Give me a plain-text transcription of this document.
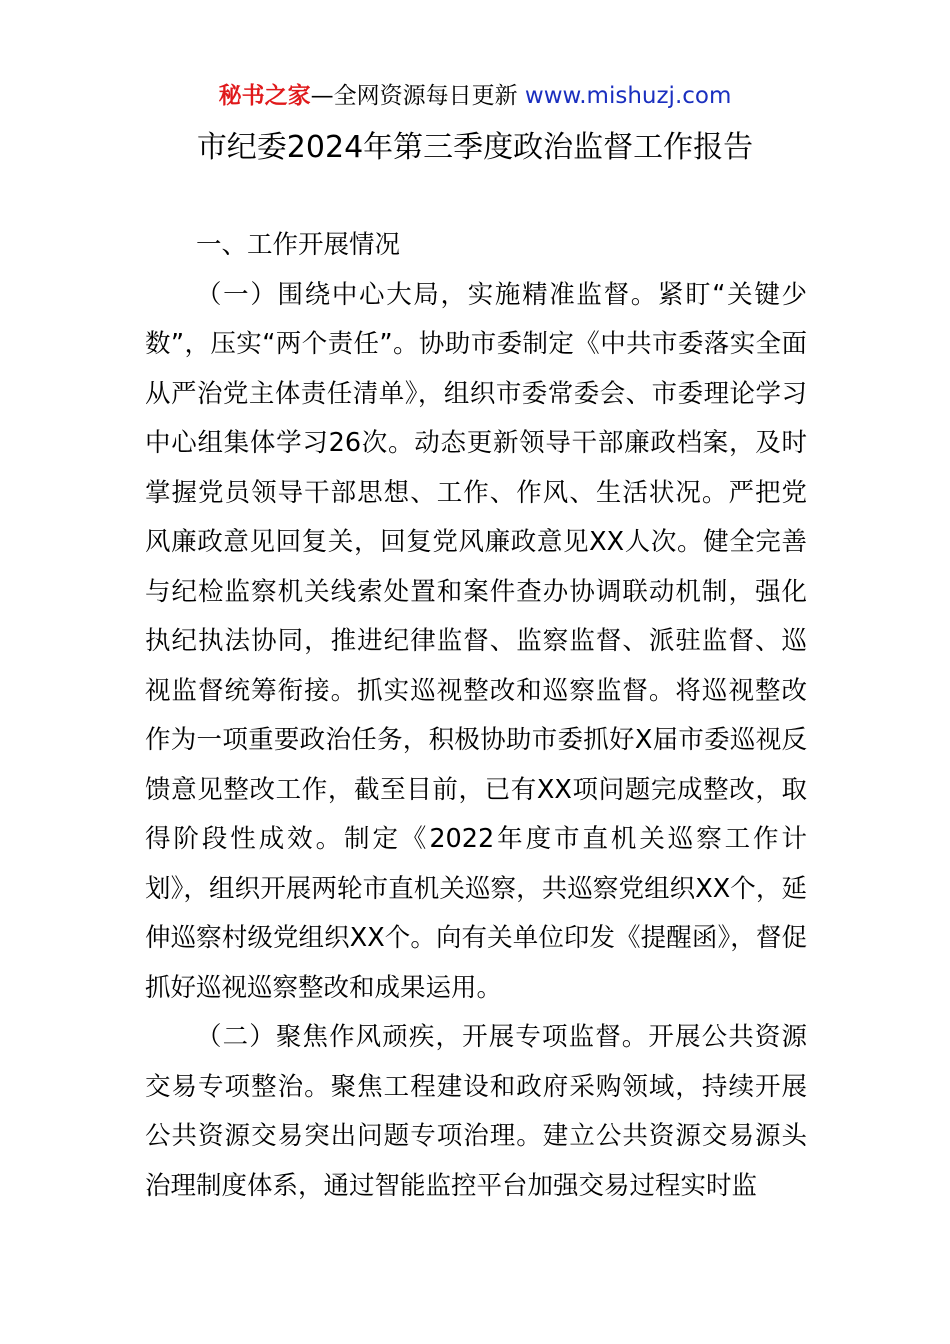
秘书之家—全网资源每日更新 www.mishuzj.com
市纪委2024年第三季度政治监督工作报告

一、工作开展情况

（一）围绕中心大局，实施精准监督。紧盯“关键少数”，压实“两个责任”。协助市委制定《中共市委落实全面从严治党主体责任清单》，组织市委常委会、市委理论学习中心组集体学习26次。动态更新领导干部廉政档案，及时掌握党员领导干部思想、工作、作风、生活状况。严把党风廉政意见回复关，回复党风廉政意见XX人次。健全完善与纪检监察机关线索处置和案件查办协调联动机制，强化执纪执法协同，推进纪律监督、监察监督、派驻监督、巡视监督统筹衔接。抓实巡视整改和巡察监督。将巡视整改作为一项重要政治任务，积极协助市委抓好X届市委巡视反馈意见整改工作，截至目前，已有XX项问题完成整改，取得阶段性成效。制定《2022年度市直机关巡察工作计划》，组织开展两轮市直机关巡察，共巡察党组织XX个，延伸巡察村级党组织XX个。向有关单位印发《提醒函》，督促抓好巡视巡察整改和成果运用。

（二）聚焦作风顽疾，开展专项监督。开展公共资源交易专项整治。聚焦工程建设和政府采购领域，持续开展公共资源交易突出问题专项治理。建立公共资源交易源头治理制度体系，通过智能监控平台加强交易过程实时监
